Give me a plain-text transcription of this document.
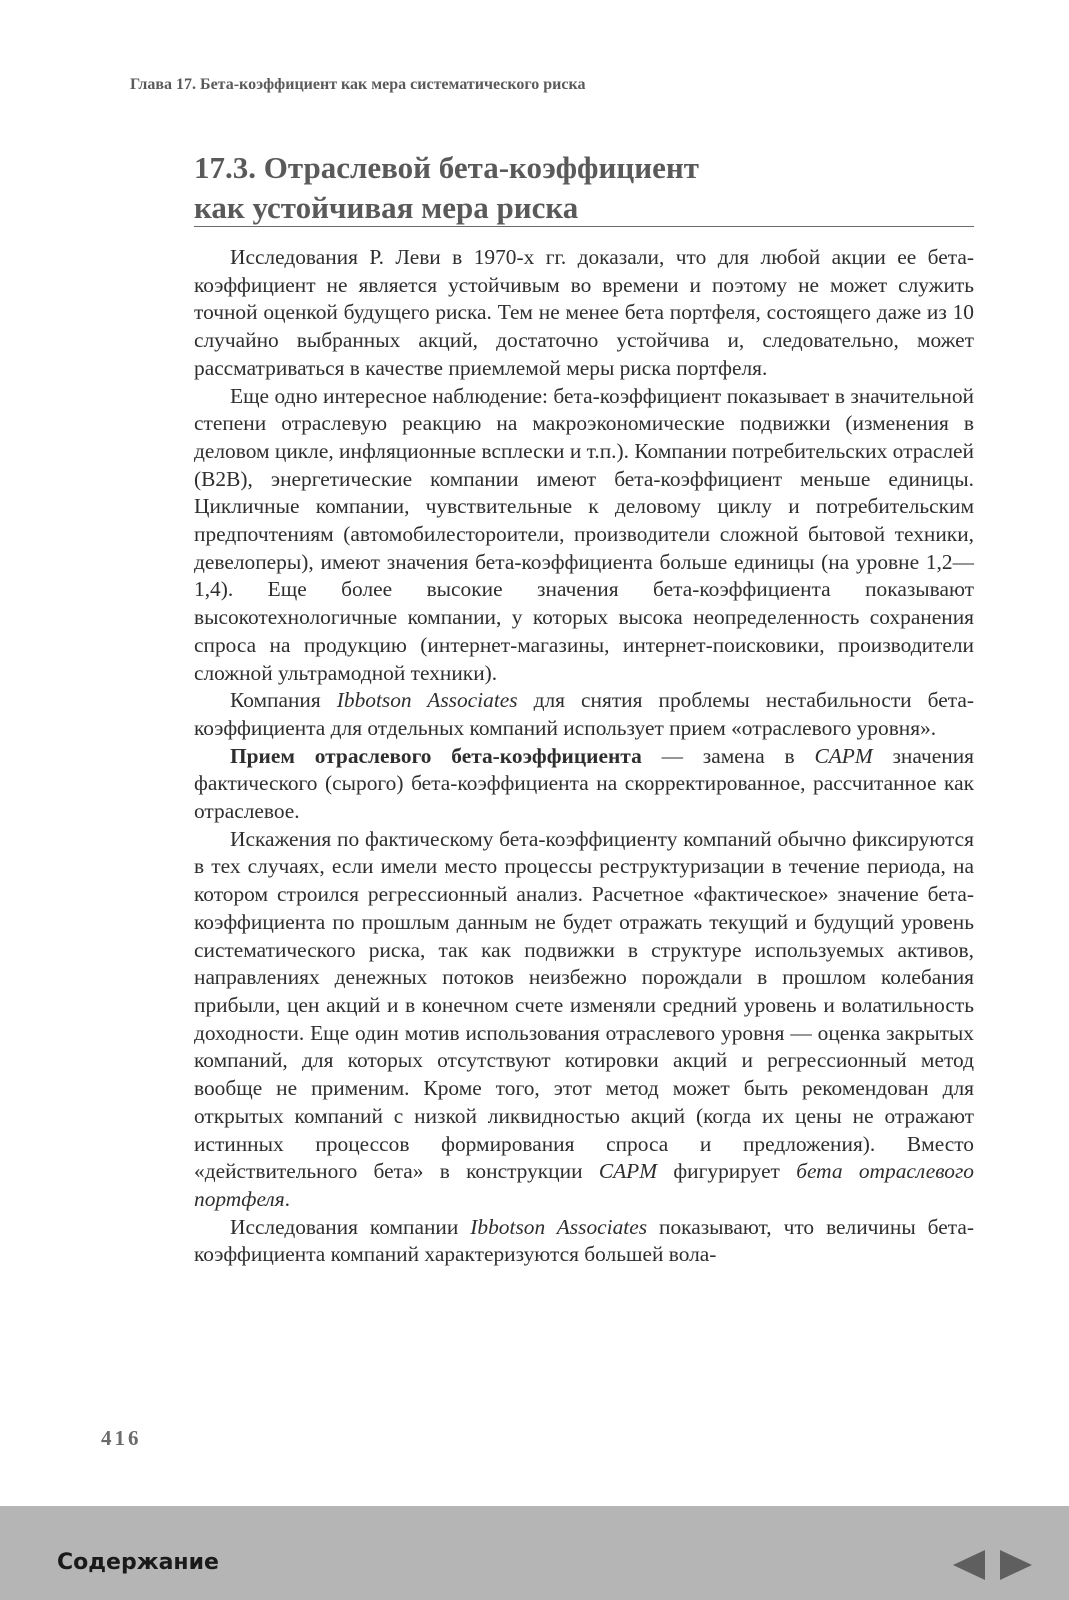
Глава 17. Бета-коэффициент как мера систематического риска
17.3. Отраслевой бета-коэффициент
как устойчивая мера риска

Исследования Р. Леви в 1970-х гг. доказали, что для любой акции ее бета-коэффициент не является устойчивым во времени и поэтому не может служить точной оценкой будущего риска. Тем не менее бета портфеля, состоящего даже из 10 случайно выбранных акций, достаточно устойчива и, следовательно, может рассматриваться в качестве приемлемой меры риска портфеля.

Еще одно интересное наблюдение: бета-коэффициент показывает в значительной степени отраслевую реакцию на макроэкономические подвижки (изменения в деловом цикле, инфляционные всплески и т.п.). Компании потребительских отраслей (В2В), энергетические компании имеют бета-коэффициент меньше единицы. Цикличные компании, чувствительные к деловому циклу и потребительским предпочтениям (автомобилестороители, производители сложной бытовой техники, девелоперы), имеют значения бета-коэффициента больше единицы (на уровне 1,2—1,4). Еще более высокие значения бета-коэффициента показывают высокотехнологичные компании, у которых высока неопределенность сохранения спроса на продукцию (интернет-магазины, интернет-поисковики, производители сложной ультрамодной техники).

Компания Ibbotson Associates для снятия проблемы нестабильности бета-коэффициента для отдельных компаний использует прием «отраслевого уровня».

Прием отраслевого бета-коэффициента — замена в CAPM значения фактического (сырого) бета-коэффициента на скорректированное, рассчитанное как отраслевое.

Искажения по фактическому бета-коэффициенту компаний обычно фиксируются в тех случаях, если имели место процессы реструктуризации в течение периода, на котором строился регрессионный анализ. Расчетное «фактическое» значение бета-коэффициента по прошлым данным не будет отражать текущий и будущий уровень систематического риска, так как подвижки в структуре используемых активов, направлениях денежных потоков неизбежно порождали в прошлом колебания прибыли, цен акций и в конечном счете изменяли средний уровень и волатильность доходности. Еще один мотив использования отраслевого уровня — оценка закрытых компаний, для которых отсутствуют котировки акций и регрессионный метод вообще не применим. Кроме того, этот метод может быть рекомендован для открытых компаний с низкой ликвидностью акций (когда их цены не отражают истинных процессов формирования спроса и предложения). Вместо «действительного бета» в конструкции CAPM фигурирует бета отраслевого портфеля.

Исследования компании Ibbotson Associates показывают, что величины бета-коэффициента компаний характеризуются большей вола-

416
Содержание
